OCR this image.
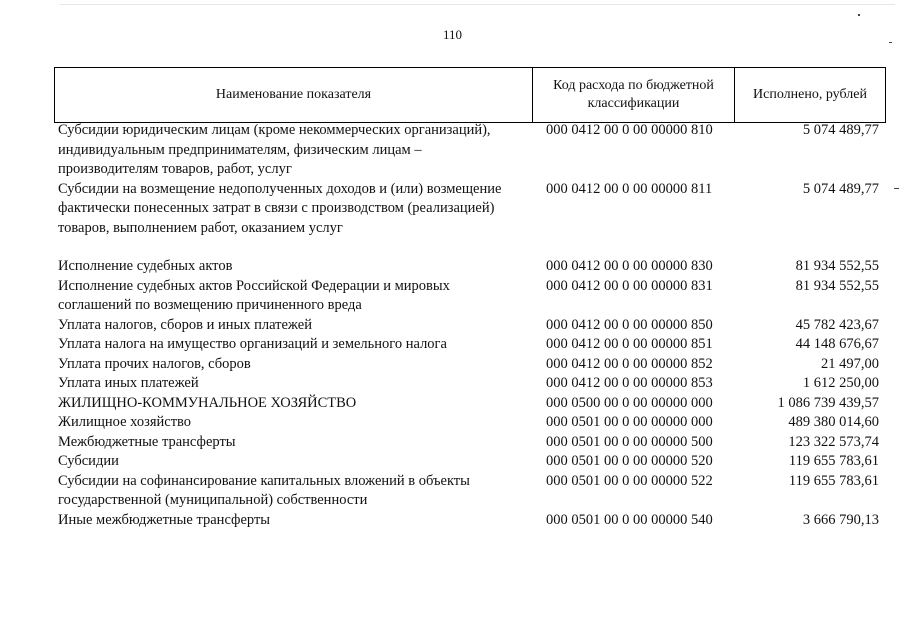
110
Наименование показателя	Код расхода по бюджетной классификации	Исполнено, рублей
Субсидии юридическим лицам (кроме некоммерческих организаций), индивидуальным предпринимателям, физическим лицам – производителям товаров, работ, услуг
000 0412 00 0 00 00000 810	5 074 489,77
Субсидии на возмещение недополученных доходов и (или) возмещение фактически понесенных затрат в связи с производством (реализацией) товаров, выполнением работ, оказанием услуг
000 0412 00 0 00 00000 811	5 074 489,77
Исполнение судебных актов	000 0412 00 0 00 00000 830	81 934 552,55
Исполнение судебных актов Российской Федерации и мировых соглашений по возмещению причиненного вреда
000 0412 00 0 00 00000 831	81 934 552,55
Уплата налогов, сборов и иных платежей	000 0412 00 0 00 00000 850	45 782 423,67
Уплата налога на имущество организаций и земельного налога	000 0412 00 0 00 00000 851	44 148 676,67
Уплата прочих налогов, сборов	000 0412 00 0 00 00000 852	21 497,00
Уплата иных платежей	000 0412 00 0 00 00000 853	1 612 250,00
ЖИЛИЩНО-КОММУНАЛЬНОЕ ХОЗЯЙСТВО	000 0500 00 0 00 00000 000	1 086 739 439,57
Жилищное хозяйство	000 0501 00 0 00 00000 000	489 380 014,60
Межбюджетные трансферты	000 0501 00 0 00 00000 500	123 322 573,74
Субсидии	000 0501 00 0 00 00000 520	119 655 783,61
Субсидии на софинансирование капитальных вложений в объекты государственной (муниципальной) собственности
000 0501 00 0 00 00000 522	119 655 783,61
Иные межбюджетные трансферты	000 0501 00 0 00 00000 540	3 666 790,13
